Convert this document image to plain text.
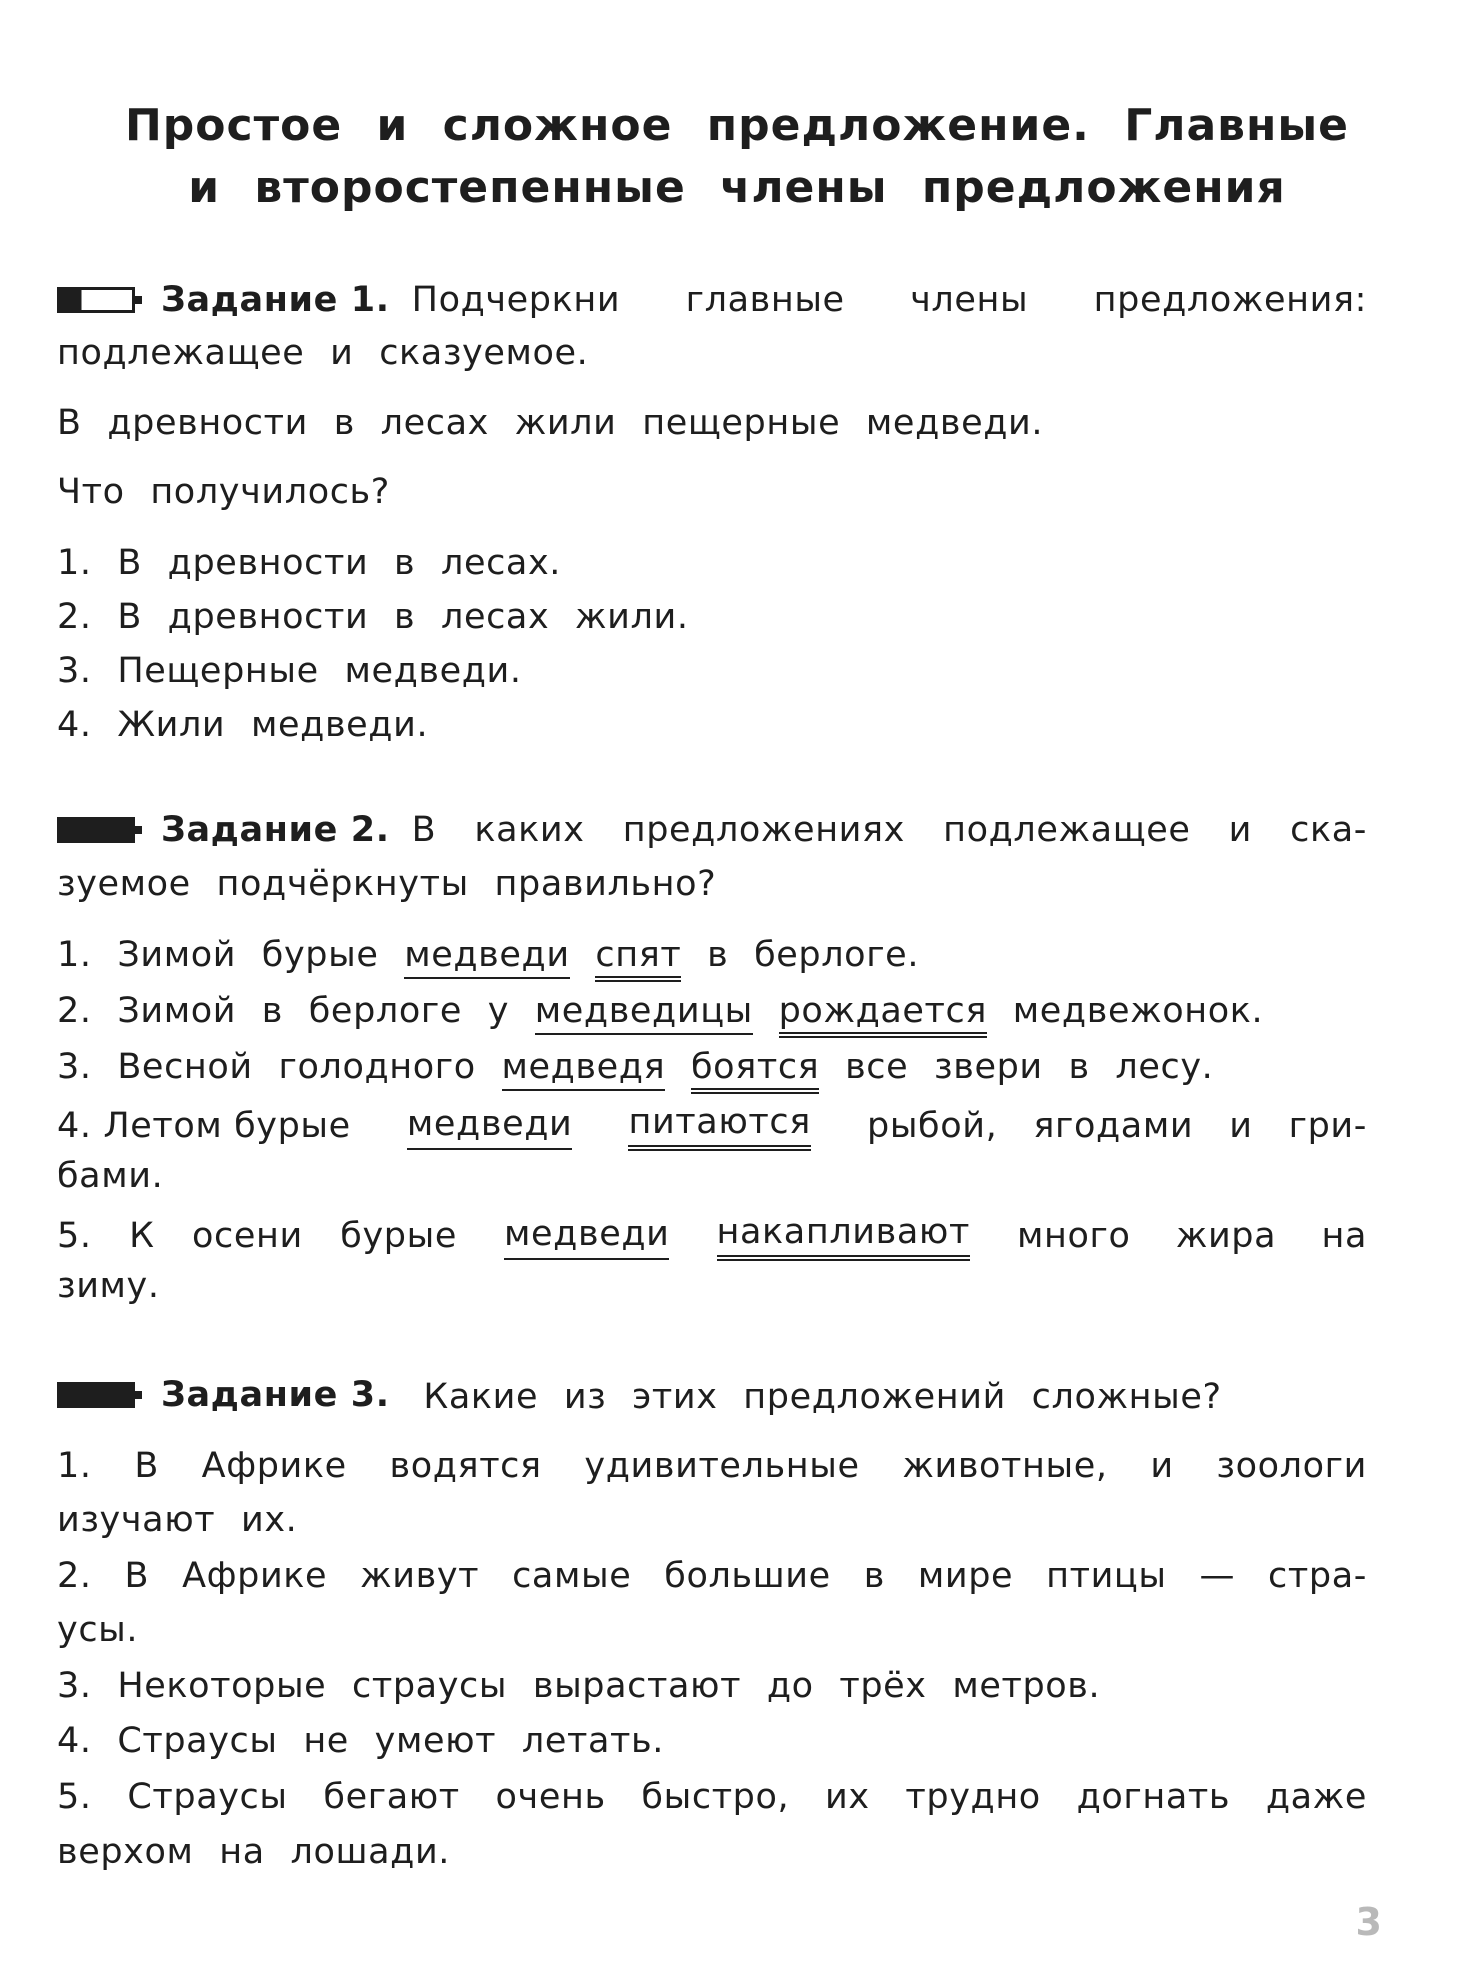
Простое и сложное предложение. Главные
и второстепенные члены предложения
Задание 1. Подчеркни главные члены предложения:
подлежащее и сказуемое.
В древности в лесах жили пещерные медведи.
Что получилось?
1. В древности в лесах.
2. В древности в лесах жили.
3. Пещерные медведи.
4. Жили медведи.
Задание 2. В каких предложениях подлежащее и ска-
зуемое подчёркнуты правильно?
1. Зимой бурые медведи спят в берлоге.
2. Зимой в берлоге у медведицы рождается медвежонок.
3. Весной голодного медведя боятся все звери в лесу.
4. Летом бурые медведи питаются рыбой, ягодами и гри-
бами.
5. К осени бурые медведи накапливают много жира на
зиму.
Задание 3. Какие из этих предложений сложные?
1. В Африке водятся удивительные животные, и зоологи
изучают их.
2. В Африке живут самые большие в мире птицы — стра-
усы.
3. Некоторые страусы вырастают до трёх метров.
4. Страусы не умеют летать.
5. Страусы бегают очень быстро, их трудно догнать даже
верхом на лошади.
3
